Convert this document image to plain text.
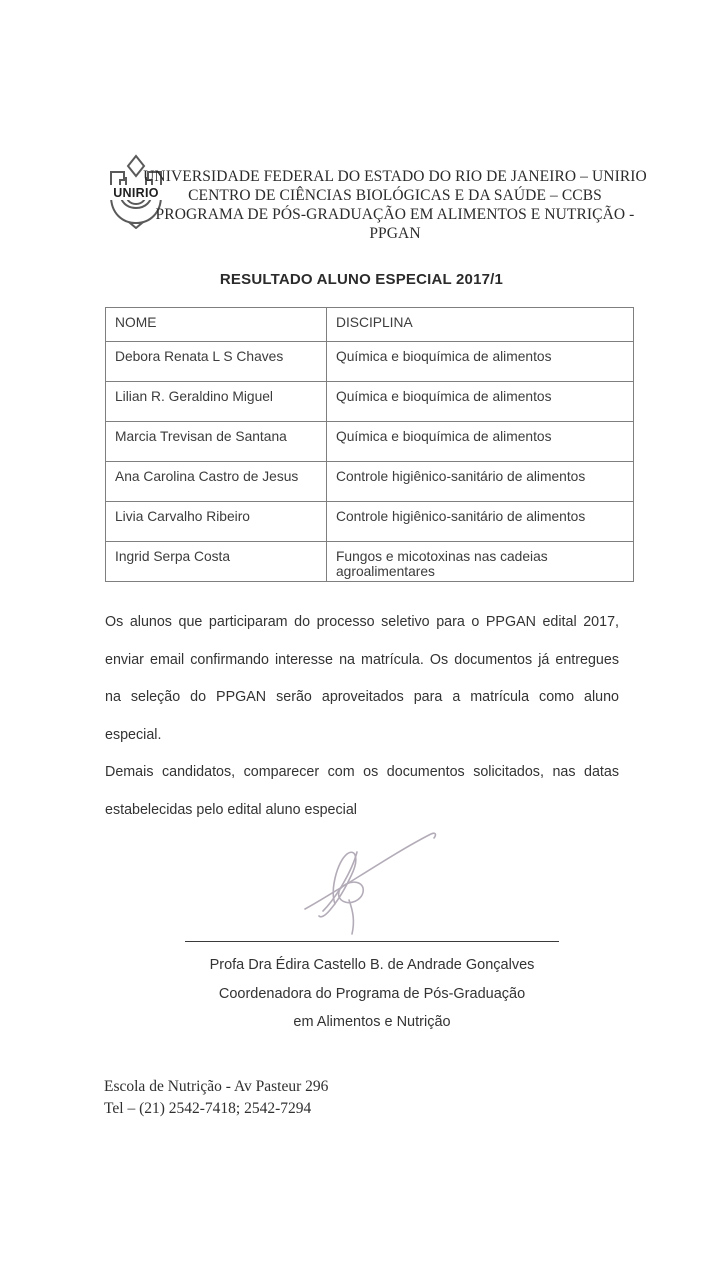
UNIRIO
UNIVERSIDADE FEDERAL DO ESTADO DO RIO DE JANEIRO – UNIRIO
CENTRO DE CIÊNCIAS BIOLÓGICAS E DA SAÚDE – CCBS
PROGRAMA DE PÓS-GRADUAÇÃO EM ALIMENTOS E NUTRIÇÃO - PPGAN
RESULTADO ALUNO ESPECIAL 2017/1
NOME	DISCIPLINA
Debora Renata L S Chaves	Química e bioquímica de alimentos
Lilian R. Geraldino Miguel	Química e bioquímica de alimentos
Marcia Trevisan de Santana	Química e bioquímica de alimentos
Ana Carolina Castro de Jesus	Controle higiênico-sanitário de alimentos
Livia Carvalho Ribeiro	Controle higiênico-sanitário de alimentos
Ingrid Serpa Costa	Fungos e micotoxinas nas cadeias agroalimentares

Os alunos que participaram do processo seletivo para o PPGAN edital 2017, enviar email confirmando interesse na matrícula. Os documentos já entregues na seleção do PPGAN serão aproveitados para a matrícula como aluno especial.

Demais candidatos, comparecer com os documentos solicitados, nas datas estabelecidas pelo edital aluno especial

Profa Dra Édira Castello B. de Andrade Gonçalves
Coordenadora do Programa de Pós-Graduação
em Alimentos e Nutrição
Escola de Nutrição - Av Pasteur 296
Tel – (21) 2542-7418; 2542-7294
